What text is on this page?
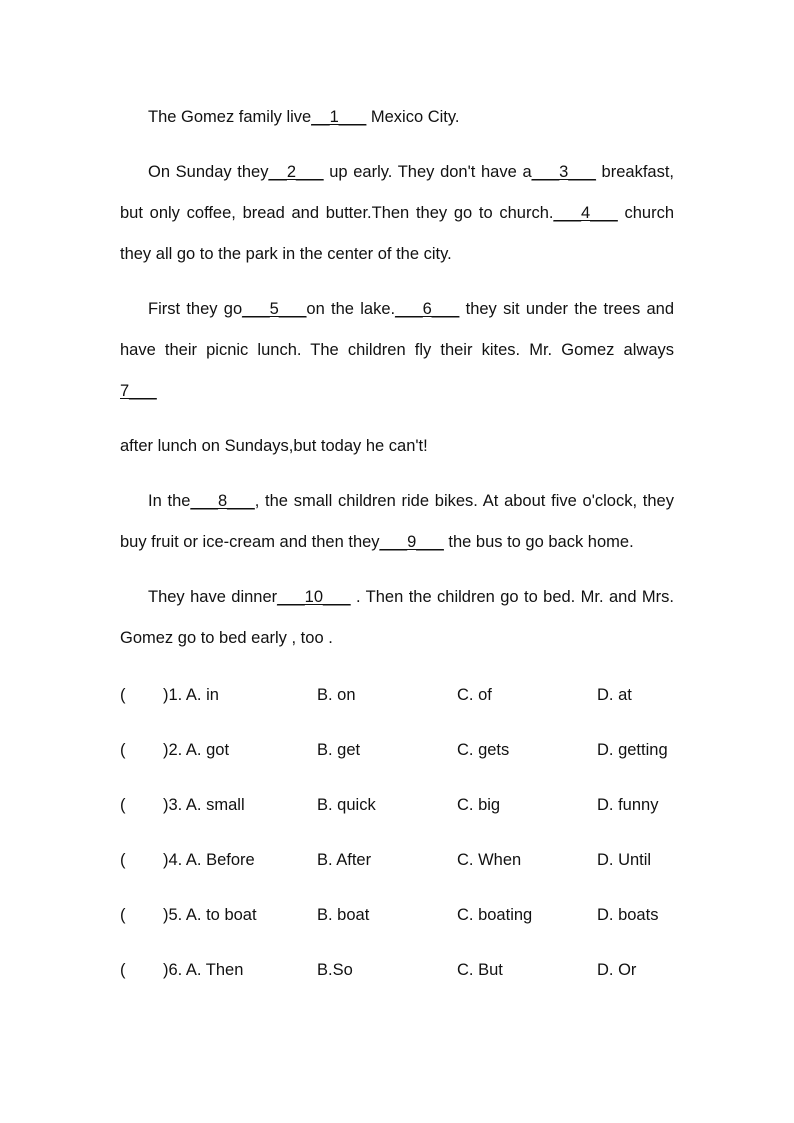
The Gomez family live__1___ Mexico City.
On Sunday they__2___ up early. They don't have a___3___ breakfast,
but only coffee, bread and butter.Then they go to church.___4___ church
they all go to the park in the center of the city.
First they go___5___on the lake.___6___ they sit under the trees and
have their picnic lunch. The children fly their kites. Mr. Gomez always
7___
after lunch on Sundays,but today he can't!
In the___8___, the small children ride bikes. At about five o'clock, they
buy fruit or ice-cream and then they___9___ the bus to go back home.
They have dinner___10___ . Then the children go to bed. Mr. and Mrs.
Gomez go to bed early , too .
( )1. A. in	B. on	C. of	D. at
( )2. A. got	B. get	C. gets	D. getting
( )3. A. small	B. quick	C. big	D. funny
( )4. A. Before	B. After	C. When	D. Until
( )5. A. to boat	B. boat	C. boating	D. boats
( )6. A. Then	B.So	C. But	D. Or
